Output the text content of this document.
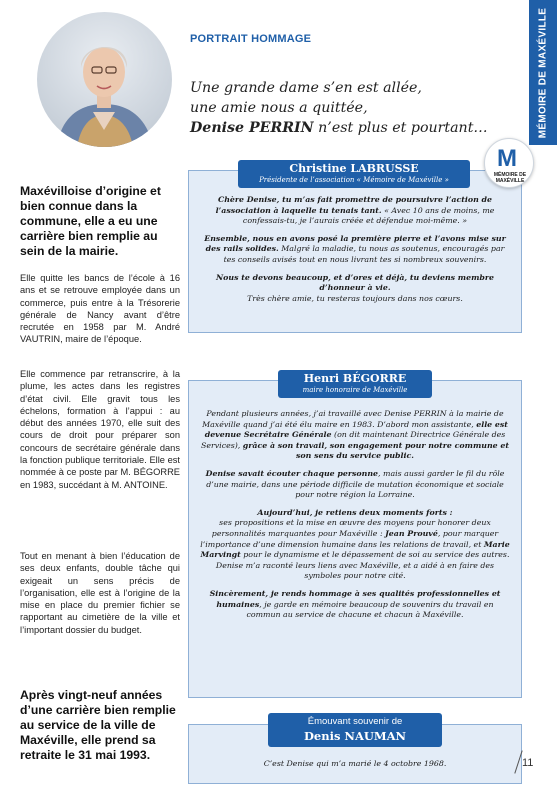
MÉMOIRE DE MAXÉVILLE
PORTRAIT HOMMAGE
Une grande dame s’en est allée,
une amie nous a quittée,
Denise PERRIN n’est plus et pourtant…
Maxévilloise d’origine et bien connue dans la commune, elle a eu une carrière bien remplie au sein de la mairie.
Elle quitte les bancs de l’école à 16 ans et se retrouve employée dans un commerce, puis entre à la Trésorerie générale de Nancy avant d’être recrutée en 1958 par M. André VAUTRIN, maire de l’époque.
Elle commence par retranscrire, à la plume, les actes dans les registres d’état civil. Elle gravit tous les échelons, formation à l’appui : au début des années 1970, elle suit des cours de droit pour préparer son concours de secrétaire générale dans la fonction publique territoriale. Elle est nommée à ce poste par M. BÉGORRE en 1983, succédant à M. ANTOINE.
Tout en menant à bien l’éducation de ses deux enfants, double tâche qui exigeait un sens précis de l’organisation, elle est à l’origine de la mise en place du premier fichier se rapportant au cimetière de la ville et l’important dossier du budget.
Après vingt-neuf années d’une carrière bien remplie au service de la ville de Maxéville, elle prend sa retraite le 31 mai 1993.

Chère Denise, tu m’as fait promettre de poursuivre l’action de l’association à laquelle tu tenais tant. « Avec 10 ans de moins, me confessais-tu, je l’aurais créée et défendue moi-même. »

Ensemble, nous en avons posé la première pierre et l’avons mise sur des rails solides. Malgré la maladie, tu nous as soutenus, encouragés par tes conseils avisés tout en nous livrant tes si nombreux souvenirs.

Nous te devons beaucoup, et d’ores et déjà, tu deviens membre d’honneur à vie.
Très chère amie, tu resteras toujours dans nos cœurs.

Christine LABRUSSE
Présidente de l’association « Mémoire de Maxéville »
M
MÉMOIRE DE MAXÉVILLE

Pendant plusieurs années, j’ai travaillé avec Denise PERRIN à la mairie de Maxéville quand j’ai été élu maire en 1983. D’abord mon assistante, elle est devenue Secrétaire Générale (on dit maintenant Directrice Générale des Services), grâce à son travail, son engagement pour notre commune et son sens du service public.

Denise savait écouter chaque personne, mais aussi garder le fil du rôle d’une mairie, dans une période difficile de mutation économique et sociale pour notre région la Lorraine.

Aujourd’hui, je retiens deux moments forts :
ses propositions et la mise en œuvre des moyens pour honorer deux personnalités marquantes pour Maxéville : Jean Prouvé, pour marquer l’importance d’une dimension humaine dans les relations de travail, et Marie Marvingt pour le dynamisme et le dépassement de soi au service des autres. Denise m’a raconté leurs liens avec Maxéville, et a aidé à en faire des symboles pour notre cité.

Sincèrement, je rends hommage à ses qualités professionnelles et humaines, je garde en mémoire beaucoup de souvenirs du travail en commun au service de chacune et chacun à Maxéville.

Henri BÉGORRE
maire honoraire de Maxéville
C’est Denise qui m’a marié le 4 octobre 1968.
Émouvant souvenir de
Denis NAUMAN
11
